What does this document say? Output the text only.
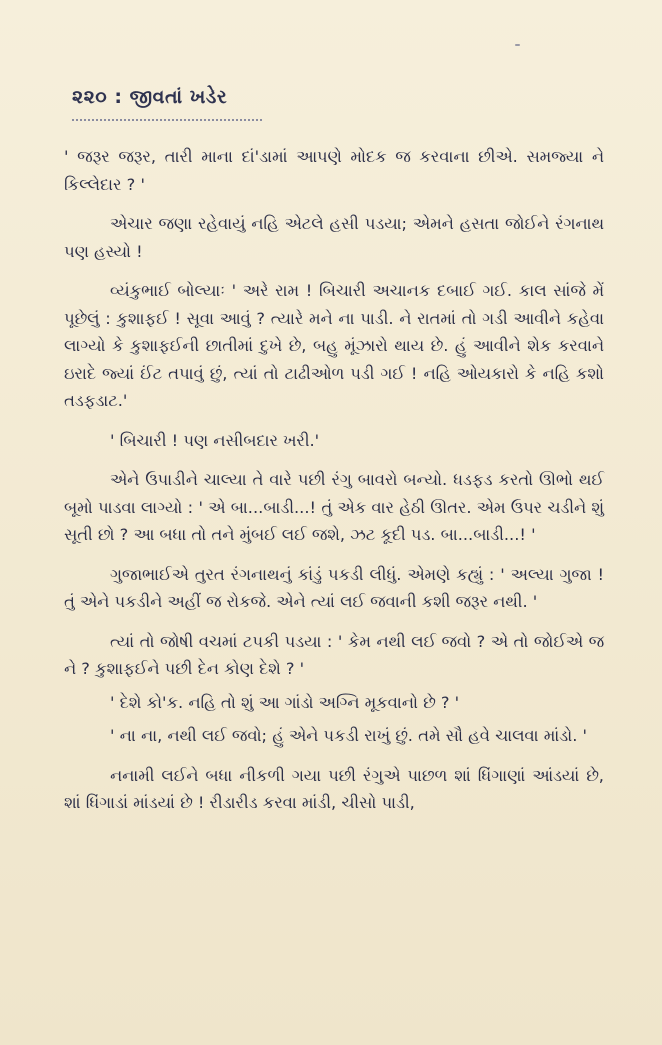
૨૨૦ : જીવતાં ખડેર

' જરૂર જરૂર, તારી માના દાં'ડામાં આપણે મોદક જ કરવાના છીએ. સમજ્યા ને કિલ્લેદાર ? '

એચાર જણા રહેવાયું નહિ એટલે હસી પડયા; એમને હસતા જોઈને રંગનાથ પણ હસ્યો !

વ્યંકુભાઈ બોલ્યાઃ ' અરે રામ ! બિચારી અચાનક દબાઈ ગઈ. કાલ સાંજે મેં પૂછેલું : કુશાફઈ ! સૂવા આવું ? ત્યારે મને ના પાડી. ને રાતમાં તો ગડી આવીને કહેવા લાગ્યો કે કુશાફઈની છાતીમાં દુખે છે, બહુ મૂંઝારો થાય છે. હું આવીને શેક કરવાને ઇરાદે જ્યાં ઈંટ તપાવું છું, ત્યાં તો ટાઢીઓળ પડી ગઈ ! નહિ ઓયકારો કે નહિ કશો તડફડાટ.'

' બિચારી ! પણ નસીબદાર ખરી.'

એને ઉપાડીને ચાલ્યા તે વારે પછી રંગુ બાવરો બન્યો. ધડફડ કરતો ઊભો થઈ બૂમો પાડવા લાગ્યો : ' એ બા...બાડી...! તું એક વાર હેઠી ઊતર. એમ ઉપર ચડીને શું સૂતી છો ? આ બધા તો તને મુંબઈ લઈ જશે, ઝટ કૂદી પડ. બા...બાડી...! '

ગુજાભાઈએ તુરત રંગનાથનું કાંડું પકડી લીધું. એમણે કહ્યું : ' અલ્યા ગુજા ! તું એને પકડીને અહીં જ રોકજે. એને ત્યાં લઈ જવાની કશી જરૂર નથી. '

ત્યાં તો જોષી વચમાં ટપકી પડયા : ' કેમ નથી લઈ જવો ? એ તો જોઈએ જ ને ? કુશાફઈને પછી દેન કોણ દેશે ? '

' દેશે કો'ક. નહિ તો શું આ ગાંડો અગ્નિ મૂકવાનો છે ? '

' ના ના, નથી લઈ જવો; હું એને પકડી રાખું છું. તમે સૌ હવે ચાલવા માંડો. '

નનામી લઈને બધા નીકળી ગયા પછી રંગુએ પાછળ શાં ધિંગાણાં આંડયાં છે, શાં ધિંગાડાં માંડયાં છે ! રીડારીડ કરવા માંડી, ચીસો પાડી,
